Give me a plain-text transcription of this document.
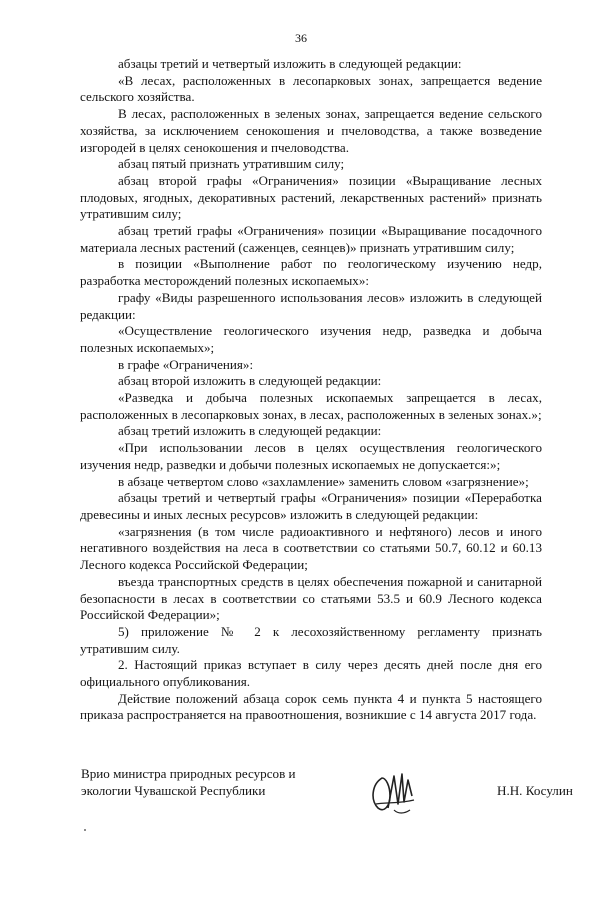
36

абзацы третий и четвертый изложить в следующей редакции:

«В лесах, расположенных в лесопарковых зонах, запрещается ведение сельского хозяйства.

В лесах, расположенных в зеленых зонах, запрещается ведение сельского хозяйства, за исключением сенокошения и пчеловодства, а также возведение изгородей в целях сенокошения и пчеловодства.

абзац пятый признать утратившим силу;

абзац второй графы «Ограничения» позиции «Выращивание лесных плодовых, ягодных, декоративных растений, лекарственных растений» признать утратившим силу;

абзац третий графы «Ограничения» позиции «Выращивание посадочного материала лесных растений (саженцев, сеянцев)» признать утратившим силу;

в позиции «Выполнение работ по геологическому изучению недр, разработка месторождений полезных ископаемых»:

графу «Виды разрешенного использования лесов» изложить в следующей редакции:

«Осуществление геологического изучения недр, разведка и добыча полезных ископаемых»;

в графе «Ограничения»:

абзац второй изложить в следующей редакции:

«Разведка и добыча полезных ископаемых запрещается в лесах, расположенных в лесопарковых зонах, в лесах, расположенных в зеленых зонах.»;

абзац третий изложить в следующей редакции:

«При использовании лесов в целях осуществления геологического изучения недр, разведки и добычи полезных ископаемых не допускается:»;

в абзаце четвертом слово «захламление» заменить словом «загрязнение»;

абзацы третий и четвертый графы «Ограничения» позиции «Переработка древесины и иных лесных ресурсов» изложить в следующей редакции:

«загрязнения (в том числе радиоактивного и нефтяного) лесов и иного негативного воздействия на леса в соответствии со статьями 50.7, 60.12 и 60.13 Лесного кодекса Российской Федерации;

въезда транспортных средств в целях обеспечения пожарной и санитарной безопасности в лесах в соответствии со статьями 53.5 и 60.9 Лесного кодекса Российской Федерации»;

5) приложение № 2 к лесохозяйственному регламенту признать утратившим силу.

2. Настоящий приказ вступает в силу через десять дней после дня его официального опубликования.

Действие положений абзаца сорок семь пункта 4 и пункта 5 настоящего приказа распространяется на правоотношения, возникшие с 14 августа 2017 года.

Врио министра природных ресурсов и
экологии Чувашской Республики	Н.Н. Косулин
